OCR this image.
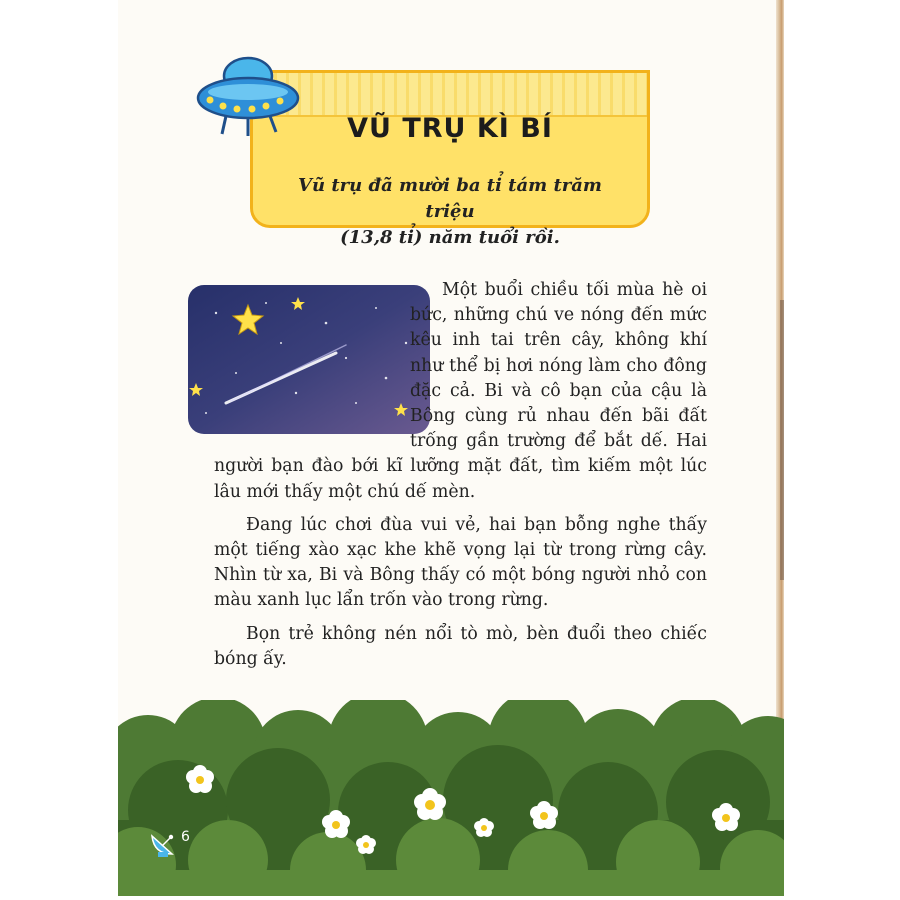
VŨ TRỤ KÌ BÍ

Vũ trụ đã mười ba tỉ tám trăm triệu
(13,8 tỉ) năm tuổi rồi.

Một buổi chiều tối mùa hè oi bức, những chú ve nóng đến mức kêu inh tai trên cây, không khí như thể bị hơi nóng làm cho đông đặc cả. Bi và cô bạn của cậu là Bông cùng rủ nhau đến bãi đất trống gần trường để bắt dế. Hai người bạn đào bới kĩ lưỡng mặt đất, tìm kiếm một lúc lâu mới thấy một chú dế mèn.

Đang lúc chơi đùa vui vẻ, hai bạn bỗng nghe thấy một tiếng xào xạc khe khẽ vọng lại từ trong rừng cây. Nhìn từ xa, Bi và Bông thấy có một bóng người nhỏ con màu xanh lục lẩn trốn vào trong rừng.

Bọn trẻ không nén nổi tò mò, bèn đuổi theo chiếc bóng ấy.

6
